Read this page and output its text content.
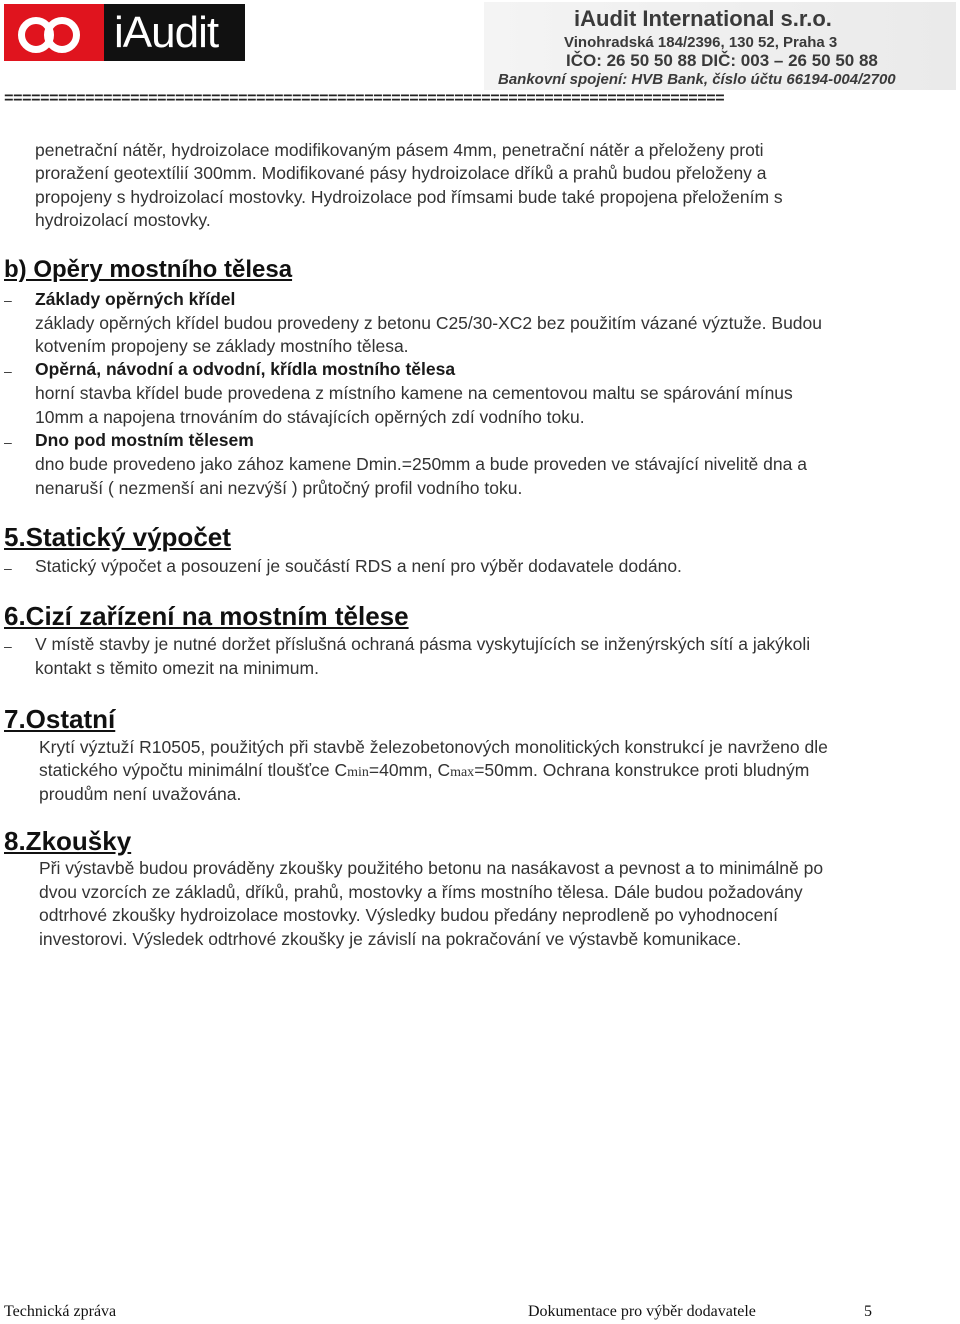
iAudit	iAudit International s.r.o.
Vinohradská 184/2396, 130 52, Praha 3
IČO: 26 50 50 88 DIČ: 003 – 26 50 50 88
Bankovní spojení: HVB Bank, číslo účtu 66194-004/2700
================================================================================
penetrační nátěr, hydroizolace modifikovaným pásem 4mm, penetrační nátěr a přeloženy proti
proražení geotextílií 300mm. Modifikované pásy hydroizolace dříků a prahů budou přeloženy a
propojeny s hydroizolací mostovky. Hydroizolace pod římsami bude také propojena přeložením s
hydroizolací mostovky.
b) Opěry mostního tělesa
– Základy opěrných křídel
základy opěrných křídel budou provedeny z betonu C25/30-XC2 bez použitím vázané výztuže. Budou
kotvením propojeny se základy mostního tělesa.
– Opěrná, návodní a odvodní, křídla mostního tělesa
horní stavba křídel bude provedena z místního kamene na cementovou maltu se spárování mínus
10mm a napojena trnováním do stávajících opěrných zdí vodního toku.
– Dno pod mostním tělesem
dno bude provedeno jako zához kamene Dmin.=250mm a bude proveden ve stávající nivelitě dna a
nenaruší ( nezmenší ani nezvýší ) průtočný profil vodního toku.
5.Statický výpočet
– Statický výpočet a posouzení je součástí RDS a není pro výběr dodavatele dodáno.
6.Cizí zařízení na mostním tělese
– V místě stavby je nutné doržet příslušná ochraná pásma vyskytujících se inženýrských sítí a jakýkoli
kontakt s těmito omezit na minimum.
7.Ostatní
Krytí výztuží R10505, použitých při stavbě železobetonových monolitických konstrukcí je navrženo dle
statického výpočtu minimální tloušťce Cmin=40mm, Cmax=50mm. Ochrana konstrukce proti bludným
proudům není uvažována.
8.Zkoušky
Při výstavbě budou prováděny zkoušky použitého betonu na nasákavost a pevnost a to minimálně po
dvou vzorcích ze základů, dříků, prahů, mostovky a říms mostního tělesa. Dále budou požadovány
odtrhové zkoušky hydroizolace mostovky. Výsledky budou předány neprodleně po vyhodnocení
investorovi. Výsledek odtrhové zkoušky je závislí na pokračování ve výstavbě komunikace.
Technická zpráva	Dokumentace pro výběr dodavatele	5
